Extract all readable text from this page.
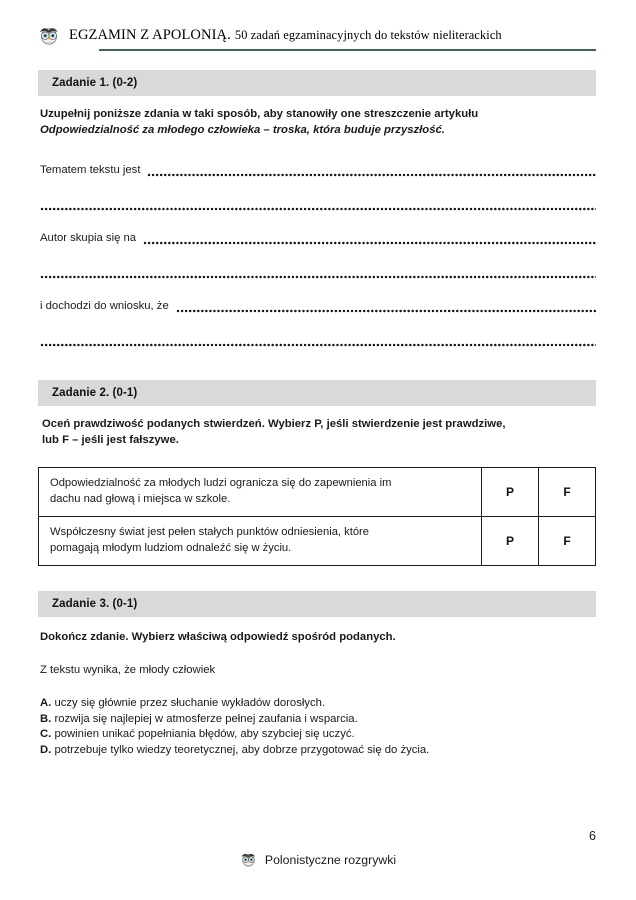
EGZAMIN Z APOLONIĄ. 50 zadań egzaminacyjnych do tekstów nieliterackich
Zadanie 1. (0-2)
Uzupełnij poniższe zdania w taki sposób, aby stanowiły one streszczenie artykułu
Odpowiedzialność za młodego człowieka – troska, która buduje przyszłość.
Tematem tekstu jest
Autor skupia się na
i dochodzi do wniosku, że
Zadanie 2. (0-1)
Oceń prawdziwość podanych stwierdzeń. Wybierz P, jeśli stwierdzenie jest prawdziwe,
lub F – jeśli jest fałszywe.
Odpowiedzialność za młodych ludzi ogranicza się do zapewnienia im
dachu nad głową i miejsca w szkole.	P	F

Współczesny świat jest pełen stałych punktów odniesienia, które
pomagają młodym ludziom odnaleźć się w życiu.	P	F
Zadanie 3. (0-1)
Dokończ zdanie. Wybierz właściwą odpowiedź spośród podanych.
Z tekstu wynika, że młody człowiek
A. uczy się głównie przez słuchanie wykładów dorosłych.
B. rozwija się najlepiej w atmosferze pełnej zaufania i wsparcia.
C. powinien unikać popełniania błędów, aby szybciej się uczyć.
D. potrzebuje tylko wiedzy teoretycznej, aby dobrze przygotować się do życia.
6
Polonistyczne rozgrywki
